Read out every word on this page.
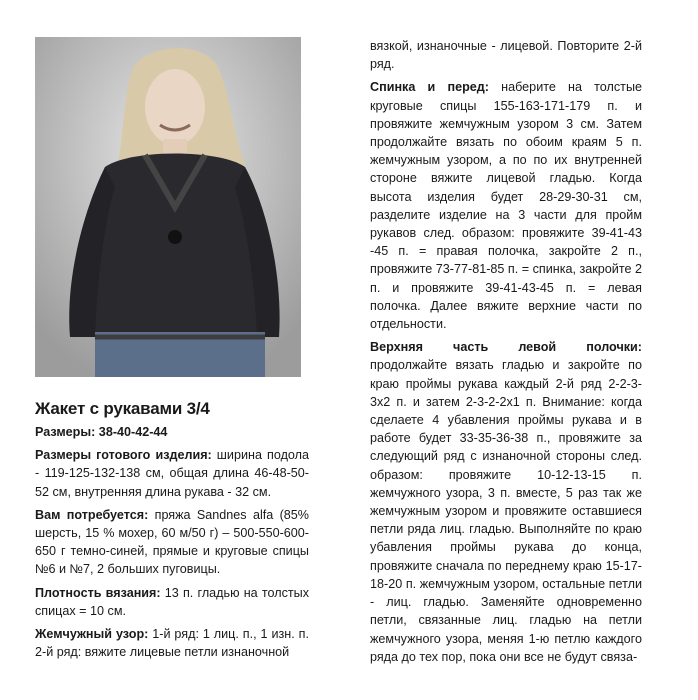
Жакет с рукавами 3/4

Размеры: 38-40-42-44

Размеры готового изделия: ширина подола - 119-125-132-138 см, общая длина 46-48-50-52 см, внутренняя длина рукава - 32 см.

Вам потребуется: пряжа Sandnes alfa (85% шерсть, 15 % мохер, 60 м/50 г) – 500-550-600-650 г темно-синей, прямые и круговые спицы №6 и №7, 2 больших пуговицы.

Плотность вязания: 13 п. гладью на толстых спицах = 10 см.

Жемчужный узор: 1-й ряд: 1 лиц. п., 1 изн. п. 2-й ряд: вяжите лицевые петли изнаночной

вязкой, изнаночные - лицевой. Повторите 2-й ряд.

Спинка и перед: наберите на толстые круговые спицы 155-163-171-179 п. и провяжите жемчужным узором 3 см. Затем продолжайте вязать по обоим краям 5 п. жемчужным узором, а по по их внутренней стороне вяжите лицевой гладью. Когда высота изделия будет 28-29-30-31 см, разделите изделие на 3 части для пройм рукавов след. образом: провяжите 39-41-43 -45 п. = правая полочка, закройте 2 п., провяжите 73-77-81-85 п. = спинка, закройте 2 п. и провяжите 39-41-43-45 п. = левая полочка. Далее вяжите верхние части по отдельности.

Верхняя часть левой полочки: продолжайте вязать гладью и закройте по краю проймы рукава каждый 2-й ряд 2-2-3-3x2 п. и затем 2-3-2-2x1 п. Внимание: когда сделаете 4 убавления проймы рукава и в работе будет 33-35-36-38 п., провяжите за следующий ряд с изнаночной стороны след. образом: провяжите 10-12-13-15 п. жемчужного узора, 3 п. вместе, 5 раз так же жемчужным узором и провяжите оставшиеся петли ряда лиц. гладью. Выполняйте по краю убавления проймы рукава до конца, провяжите сначала по переднему краю 15-17-18-20 п. жемчужным узором, остальные петли - лиц. гладью. Заменяйте одновременно петли, связанные лиц. гладью на петли жемчужного узора, меняя 1-ю петлю каждого ряда до тех пор, пока они все не будут связа-
